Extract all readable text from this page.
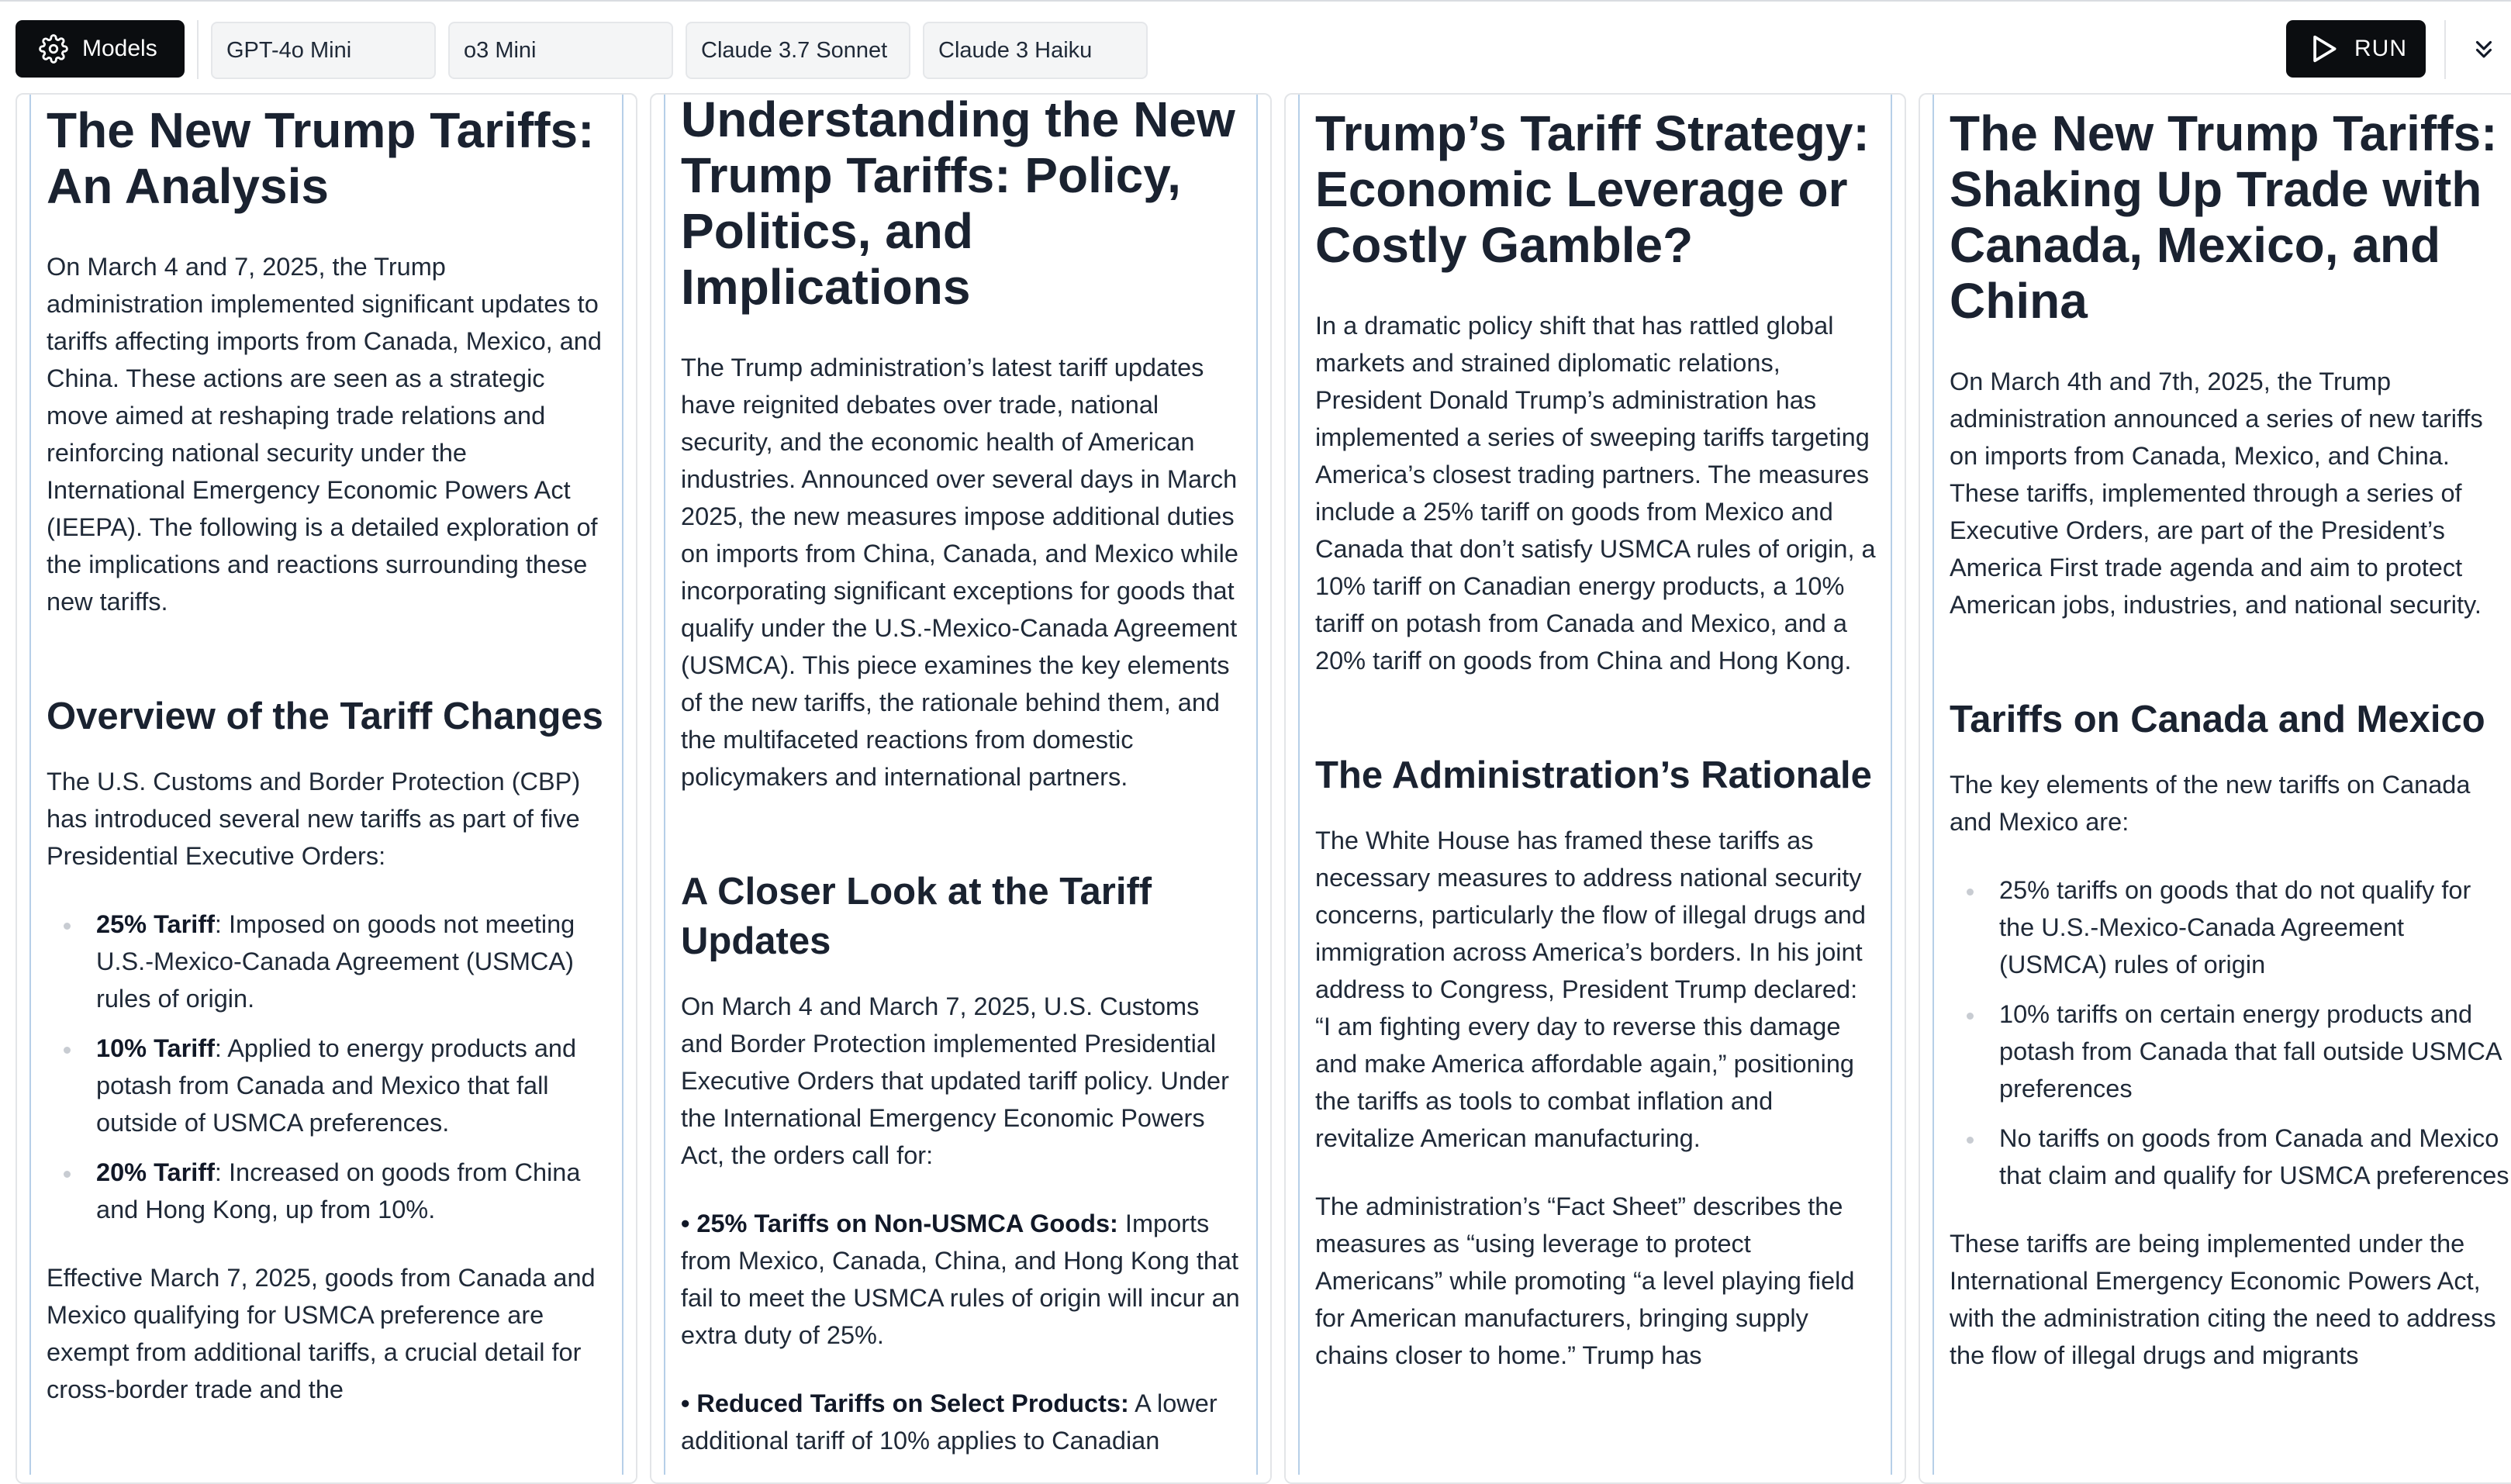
Models	GPT-4o Mini	o3 Mini	Claude 3.7 Sonnet Claude 3 Haiku	RUN
The New Trump Tariffs: An Analysis

On March 4 and 7, 2025, the Trump administration implemented significant updates to tariffs affecting imports from Canada, Mexico, and China. These actions are seen as a strategic move aimed at reshaping trade relations and reinforcing national security under the International Emergency Economic Powers Act (IEEPA). The following is a detailed exploration of the implications and reactions surrounding these new tariffs.

Overview of the Tariff Changes

The U.S. Customs and Border Protection (CBP) has introduced several new tariffs as part of five Presidential Executive Orders:

25% Tariff: Imposed on goods not meeting U.S.-Mexico-Canada Agreement (USMCA) rules of origin.
10% Tariff: Applied to energy products and potash from Canada and Mexico that fall outside of USMCA preferences.
20% Tariff: Increased on goods from China and Hong Kong, up from 10%.

Effective March 7, 2025, goods from Canada and Mexico qualifying for USMCA preference are exempt from additional tariffs, a crucial detail for cross-border trade and the

Understanding the New Trump Tariffs: Policy, Politics, and Implications

The Trump administration’s latest tariff updates have reignited debates over trade, national security, and the economic health of American industries. Announced over several days in March 2025, the new measures impose additional duties on imports from China, Canada, and Mexico while incorporating significant exceptions for goods that qualify under the U.S.-Mexico-Canada Agreement (USMCA). This piece examines the key elements of the new tariffs, the rationale behind them, and the multifaceted reactions from domestic policymakers and international partners.

A Closer Look at the Tariff Updates

On March 4 and March 7, 2025, U.S. Customs and Border Protection implemented Presidential Executive Orders that updated tariff policy. Under the International Emergency Economic Powers Act, the orders call for:

• 25% Tariffs on Non-USMCA Goods: Imports from Mexico, Canada, China, and Hong Kong that fail to meet the USMCA rules of origin will incur an extra duty of 25%.

• Reduced Tariffs on Select Products: A lower additional tariff of 10% applies to Canadian

Trump’s Tariff Strategy: Economic Leverage or Costly Gamble?

In a dramatic policy shift that has rattled global markets and strained diplomatic relations, President Donald Trump’s administration has implemented a series of sweeping tariffs targeting America’s closest trading partners. The measures include a 25% tariff on goods from Mexico and Canada that don’t satisfy USMCA rules of origin, a 10% tariff on Canadian energy products, a 10% tariff on potash from Canada and Mexico, and a 20% tariff on goods from China and Hong Kong.

The Administration’s Rationale

The White House has framed these tariffs as necessary measures to address national security concerns, particularly the flow of illegal drugs and immigration across America’s borders. In his joint address to Congress, President Trump declared: “I am fighting every day to reverse this damage and make America affordable again,” positioning the tariffs as tools to combat inflation and revitalize American manufacturing.

The administration’s “Fact Sheet” describes the measures as “using leverage to protect Americans” while promoting “a level playing field for American manufacturers, bringing supply chains closer to home.” Trump has

The New Trump Tariffs: Shaking Up Trade with Canada, Mexico, and China

On March 4th and 7th, 2025, the Trump administration announced a series of new tariffs on imports from Canada, Mexico, and China. These tariffs, implemented through a series of Executive Orders, are part of the President’s America First trade agenda and aim to protect American jobs, industries, and national security.

Tariffs on Canada and Mexico

The key elements of the new tariffs on Canada and Mexico are:

25% tariffs on goods that do not qualify for the U.S.-Mexico-Canada Agreement (USMCA) rules of origin
10% tariffs on certain energy products and potash from Canada that fall outside USMCA preferences
No tariffs on goods from Canada and Mexico that claim and qualify for USMCA preferences

These tariffs are being implemented under the International Emergency Economic Powers Act, with the administration citing the need to address the flow of illegal drugs and migrants
